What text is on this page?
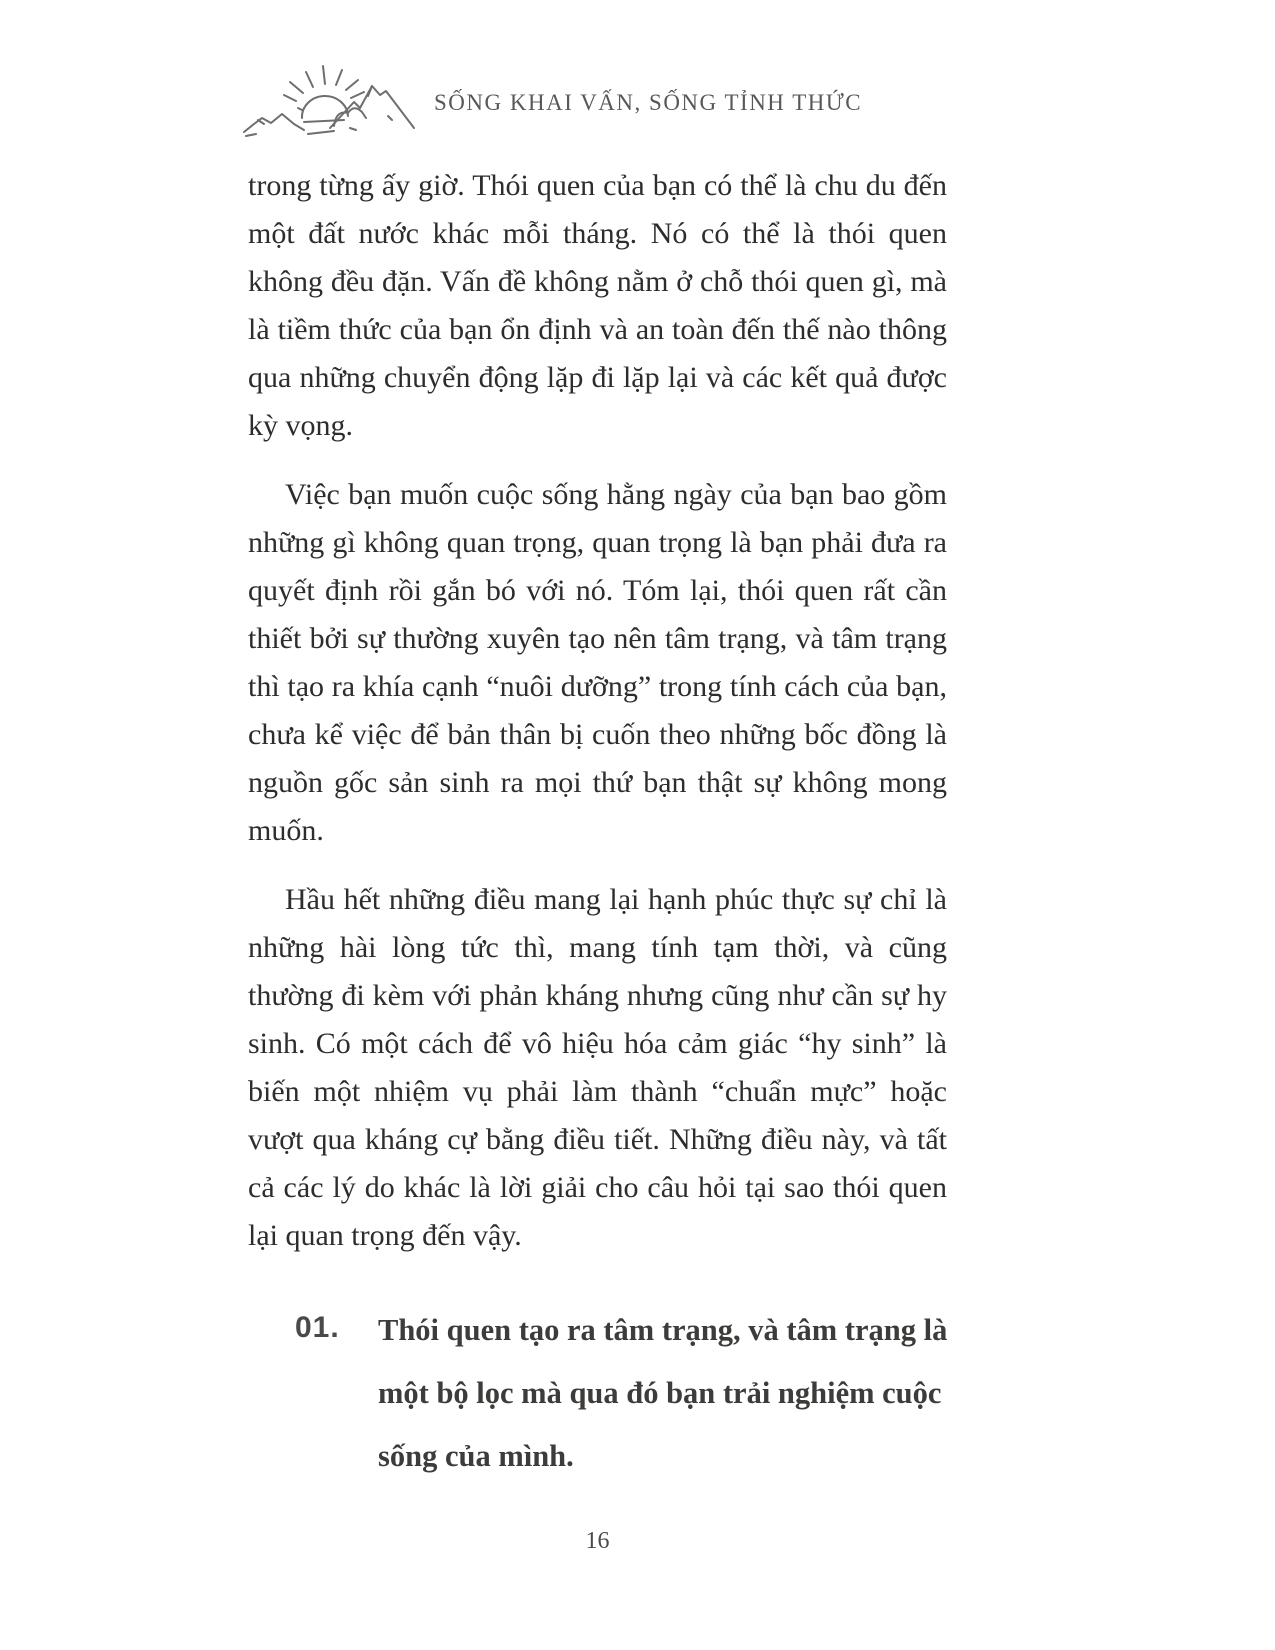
SỐNG KHAI VẤN, SỐNG TỈNH THỨC

trong từng ấy giờ. Thói quen của bạn có thể là chu du đến một đất nước khác mỗi tháng. Nó có thể là thói quen không đều đặn. Vấn đề không nằm ở chỗ thói quen gì, mà là tiềm thức của bạn ổn định và an toàn đến thế nào thông qua những chuyển động lặp đi lặp lại và các kết quả được kỳ vọng.

Việc bạn muốn cuộc sống hằng ngày của bạn bao gồm những gì không quan trọng, quan trọng là bạn phải đưa ra quyết định rồi gắn bó với nó. Tóm lại, thói quen rất cần thiết bởi sự thường xuyên tạo nên tâm trạng, và tâm trạng thì tạo ra khía cạnh “nuôi dưỡng” trong tính cách của bạn, chưa kể việc để bản thân bị cuốn theo những bốc đồng là nguồn gốc sản sinh ra mọi thứ bạn thật sự không mong muốn.

Hầu hết những điều mang lại hạnh phúc thực sự chỉ là những hài lòng tức thì, mang tính tạm thời, và cũng thường đi kèm với phản kháng nhưng cũng như cần sự hy sinh. Có một cách để vô hiệu hóa cảm giác “hy sinh” là biến một nhiệm vụ phải làm thành “chuẩn mực” hoặc vượt qua kháng cự bằng điều tiết. Những điều này, và tất cả các lý do khác là lời giải cho câu hỏi tại sao thói quen lại quan trọng đến vậy.

01. Thói quen tạo ra tâm trạng, và tâm trạng là một bộ lọc mà qua đó bạn trải nghiệm cuộc sống của mình.
16
